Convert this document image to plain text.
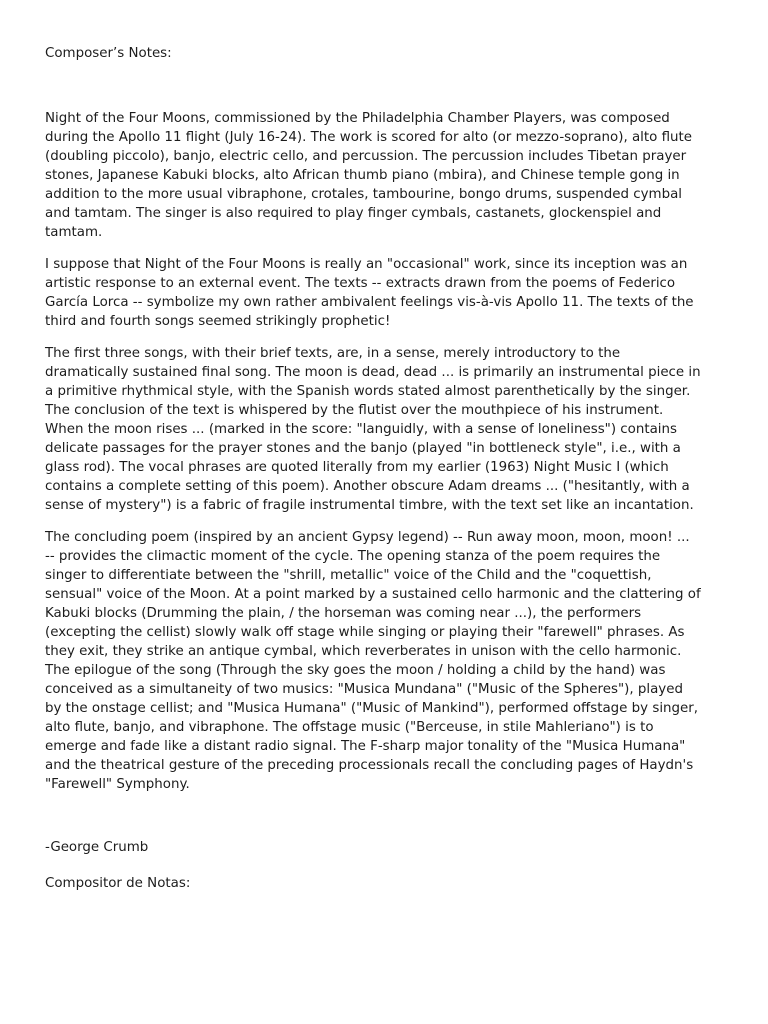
Composer’s Notes:
Night of the Four Moons, commissioned by the Philadelphia Chamber Players, was composed
during the Apollo 11 flight (July 16-24). The work is scored for alto (or mezzo-soprano), alto flute
(doubling piccolo), banjo, electric cello, and percussion. The percussion includes Tibetan prayer
stones, Japanese Kabuki blocks, alto African thumb piano (mbira), and Chinese temple gong in
addition to the more usual vibraphone, crotales, tambourine, bongo drums, suspended cymbal
and tamtam. The singer is also required to play finger cymbals, castanets, glockenspiel and
tamtam.
I suppose that Night of the Four Moons is really an "occasional" work, since its inception was an
artistic response to an external event. The texts -- extracts drawn from the poems of Federico
García Lorca -- symbolize my own rather ambivalent feelings vis-à-vis Apollo 11. The texts of the
third and fourth songs seemed strikingly prophetic!
The first three songs, with their brief texts, are, in a sense, merely introductory to the
dramatically sustained final song. The moon is dead, dead ... is primarily an instrumental piece in
a primitive rhythmical style, with the Spanish words stated almost parenthetically by the singer.
The conclusion of the text is whispered by the flutist over the mouthpiece of his instrument.
When the moon rises ... (marked in the score: "languidly, with a sense of loneliness") contains
delicate passages for the prayer stones and the banjo (played "in bottleneck style", i.e., with a
glass rod). The vocal phrases are quoted literally from my earlier (1963) Night Music I (which
contains a complete setting of this poem). Another obscure Adam dreams ... ("hesitantly, with a
sense of mystery") is a fabric of fragile instrumental timbre, with the text set like an incantation.
The concluding poem (inspired by an ancient Gypsy legend) -- Run away moon, moon, moon! ...
-- provides the climactic moment of the cycle. The opening stanza of the poem requires the
singer to differentiate between the "shrill, metallic" voice of the Child and the "coquettish,
sensual" voice of the Moon. At a point marked by a sustained cello harmonic and the clattering of
Kabuki blocks (Drumming the plain, / the horseman was coming near ...), the performers
(excepting the cellist) slowly walk off stage while singing or playing their "farewell" phrases. As
they exit, they strike an antique cymbal, which reverberates in unison with the cello harmonic.
The epilogue of the song (Through the sky goes the moon / holding a child by the hand) was
conceived as a simultaneity of two musics: "Musica Mundana" ("Music of the Spheres"), played
by the onstage cellist; and "Musica Humana" ("Music of Mankind"), performed offstage by singer,
alto flute, banjo, and vibraphone. The offstage music ("Berceuse, in stile Mahleriano") is to
emerge and fade like a distant radio signal. The F-sharp major tonality of the "Musica Humana"
and the theatrical gesture of the preceding processionals recall the concluding pages of Haydn's
"Farewell" Symphony.
-George Crumb
Compositor de Notas:
